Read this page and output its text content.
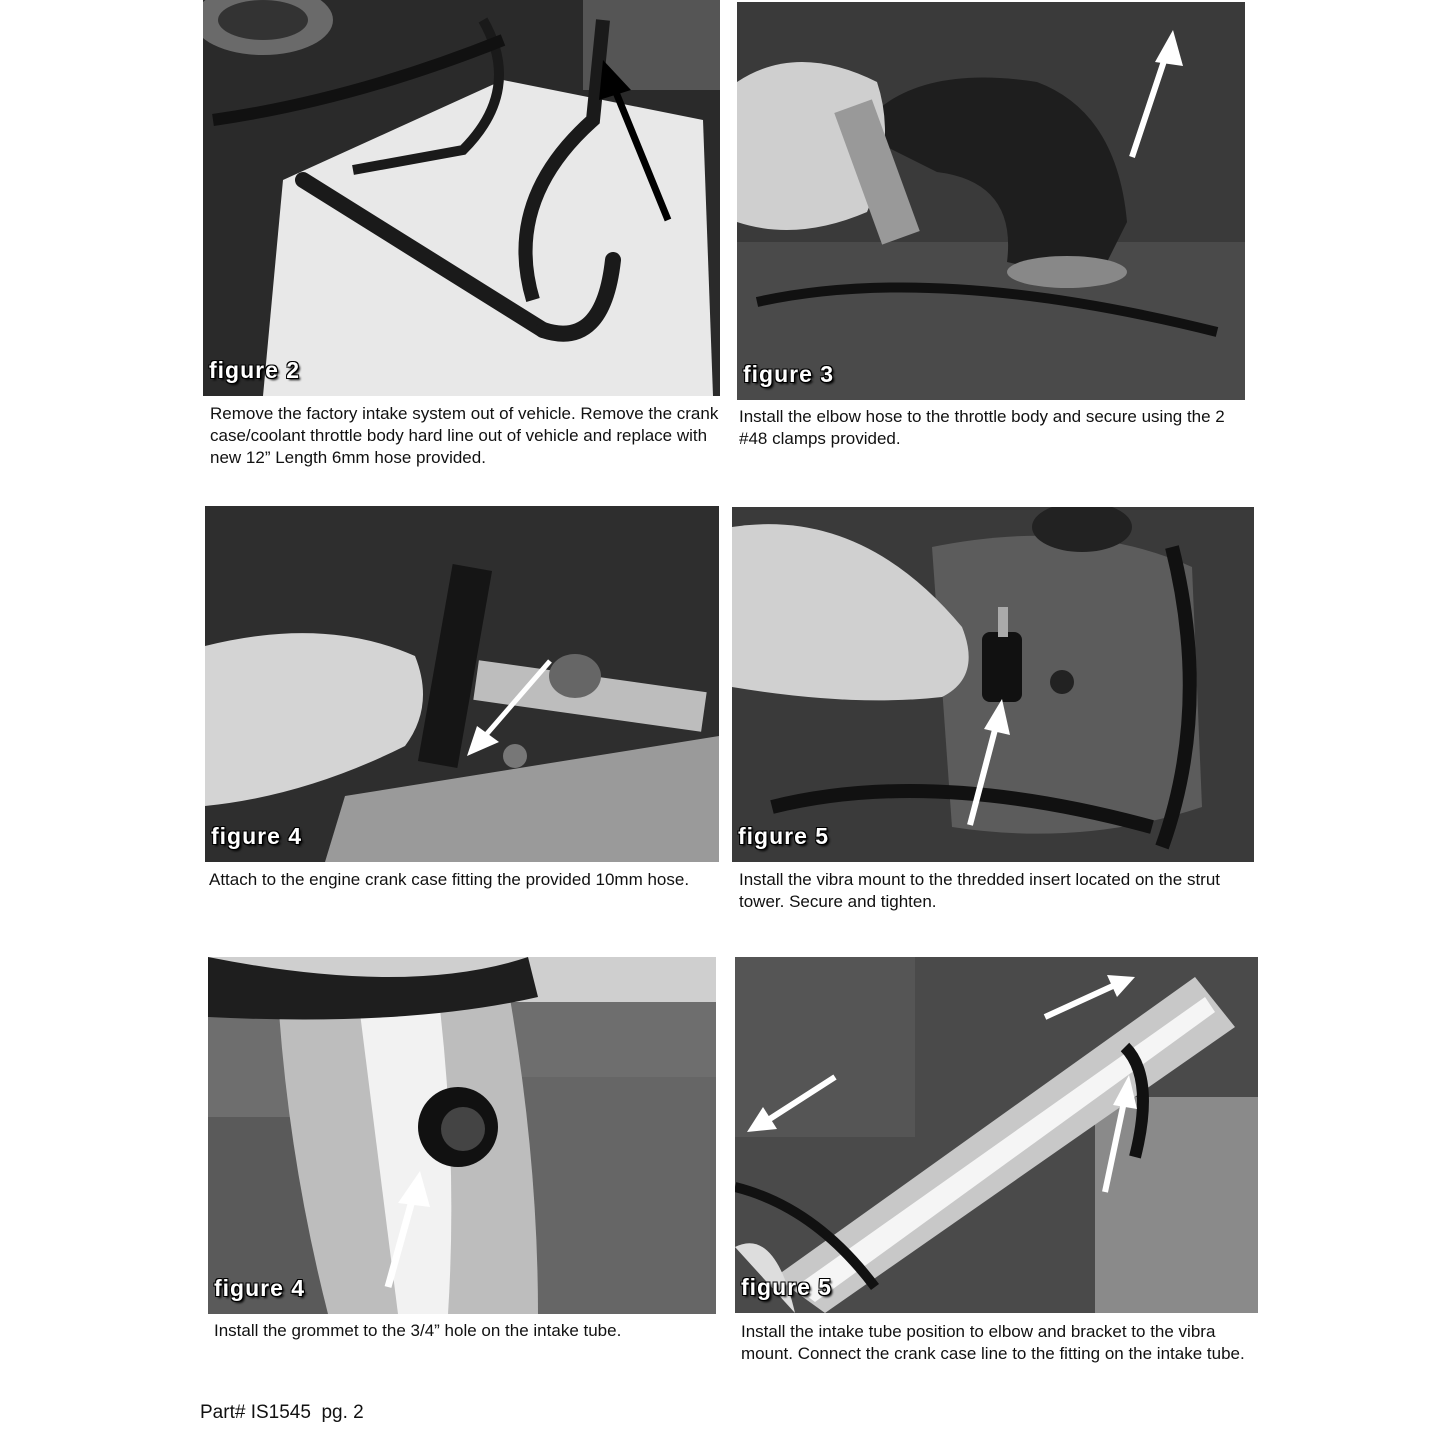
figure 2

Remove the factory intake system out of vehicle. Remove the crank case/coolant throttle body hard line out of vehicle and replace with new 12” Length 6mm hose provided.

figure 3

Install the elbow hose to the throttle body and secure using the 2 #48 clamps provided.

figure 4

Attach to the engine crank case fitting the provided 10mm hose.

figure 5

Install the vibra mount to the thredded insert located on the strut tower. Secure and tighten.

figure 4

Install the grommet to the 3/4” hole on the intake tube.

figure 5

Install the intake tube position to elbow and bracket to the vibra mount. Connect the crank case line to the fitting on the intake tube.

Part# IS1545  pg. 2
